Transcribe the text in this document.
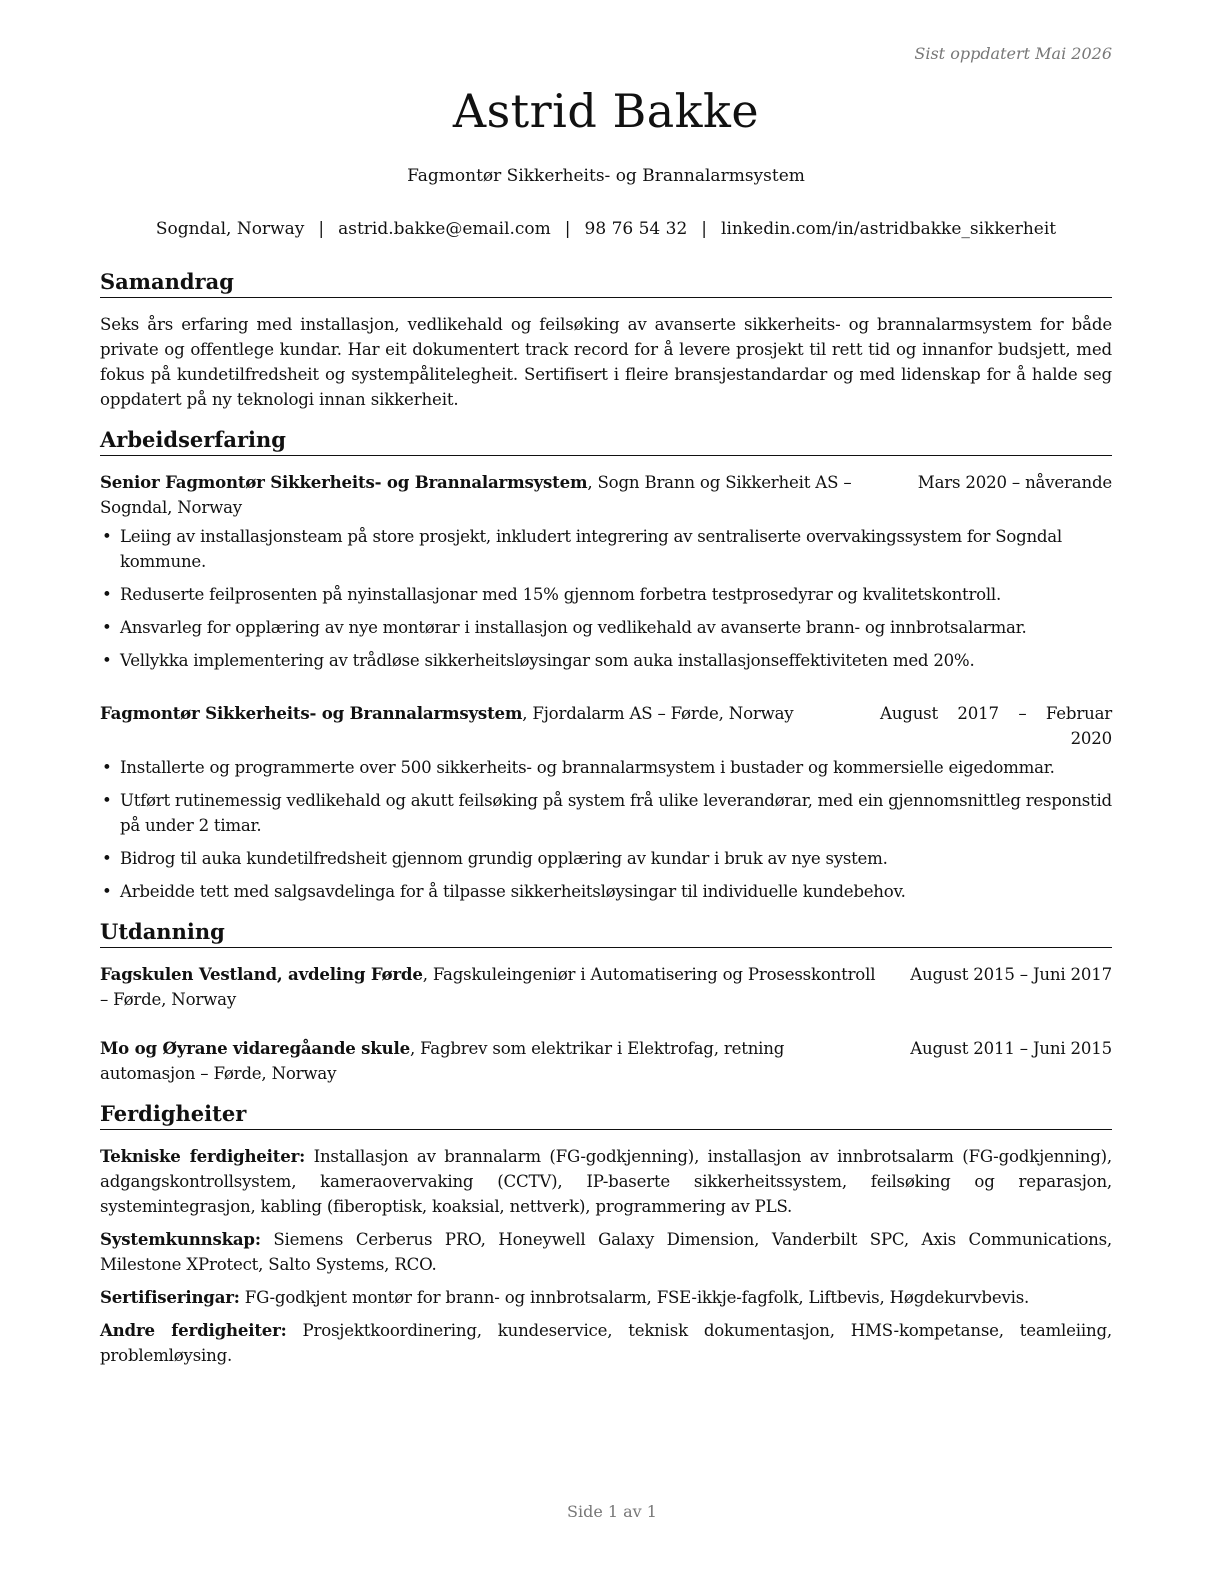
Sist oppdatert Mai 2026
Astrid Bakke
Fagmontør Sikkerheits- og Brannalarmsystem
Sogndal, Norway | astrid.bakke@email.com | 98 76 54 32 | linkedin.com/in/astridbakke_sikkerheit
Samandrag

Seks års erfaring med installasjon, vedlikehald og feilsøking av avanserte sikkerheits- og brannalarmsystem for både private og offentlege kundar. Har eit dokumentert track record for å levere prosjekt til rett tid og innanfor budsjett, med fokus på kundetilfredsheit og systempålitelegheit. Sertifisert i fleire bransjestandardar og med lidenskap for å halde seg oppdatert på ny teknologi innan sikkerheit.

Arbeidserfaring
Senior Fagmontør Sikkerheits- og Brannalarmsystem, Sogn Brann og Sikkerheit AS – Sogndal, Norway
Mars 2020 – nåverande
• Leiing av installasjonsteam på store prosjekt, inkludert integrering av sentraliserte overvakingssystem for Sogndal kommune.
• Reduserte feilprosenten på nyinstallasjonar med 15% gjennom forbetra testprosedyrar og kvalitetskontroll.
• Ansvarleg for opplæring av nye montørar i installasjon og vedlikehald av avanserte brann- og innbrotsalarmar.
• Vellykka implementering av trådløse sikkerheitsløysingar som auka installasjonseffektiviteten med 20%.
Fagmontør Sikkerheits- og Brannalarmsystem, Fjordalarm AS – Førde, Norway	August 2017 – Februar 2020
• Installerte og programmerte over 500 sikkerheits- og brannalarmsystem i bustader og kommersielle eigedommar.
• Utført rutinemessig vedlikehald og akutt feilsøking på system frå ulike leverandørar, med ein gjennomsnittleg responstid på under 2 timar.
• Bidrog til auka kundetilfredsheit gjennom grundig opplæring av kundar i bruk av nye system.
• Arbeidde tett med salgsavdelinga for å tilpasse sikkerheitsløysingar til individuelle kundebehov.
Utdanning
Fagskulen Vestland, avdeling Førde, Fagskuleingeniør i Automatisering og Prosesskontroll – Førde, Norway
August 2015 – Juni 2017
Mo og Øyrane vidaregåande skule, Fagbrev som elektrikar i Elektrofag, retning automasjon – Førde, Norway
August 2011 – Juni 2015
Ferdigheiter

Tekniske ferdigheiter: Installasjon av brannalarm (FG-godkjenning), installasjon av innbrotsalarm (FG-godkjenning), adgangskontrollsystem, kameraovervaking (CCTV), IP-baserte sikkerheitssystem, feilsøking og reparasjon, systemintegrasjon, kabling (fiberoptisk, koaksial, nettverk), programmering av PLS.

Systemkunnskap: Siemens Cerberus PRO, Honeywell Galaxy Dimension, Vanderbilt SPC, Axis Communications, Milestone XProtect, Salto Systems, RCO.

Sertifiseringar: FG-godkjent montør for brann- og innbrotsalarm, FSE-ikkje-fagfolk, Liftbevis, Høgdekurvbevis.

Andre ferdigheiter: Prosjektkoordinering, kundeservice, teknisk dokumentasjon, HMS-kompetanse, teamleiing, problemløysing.

Side 1 av 1
